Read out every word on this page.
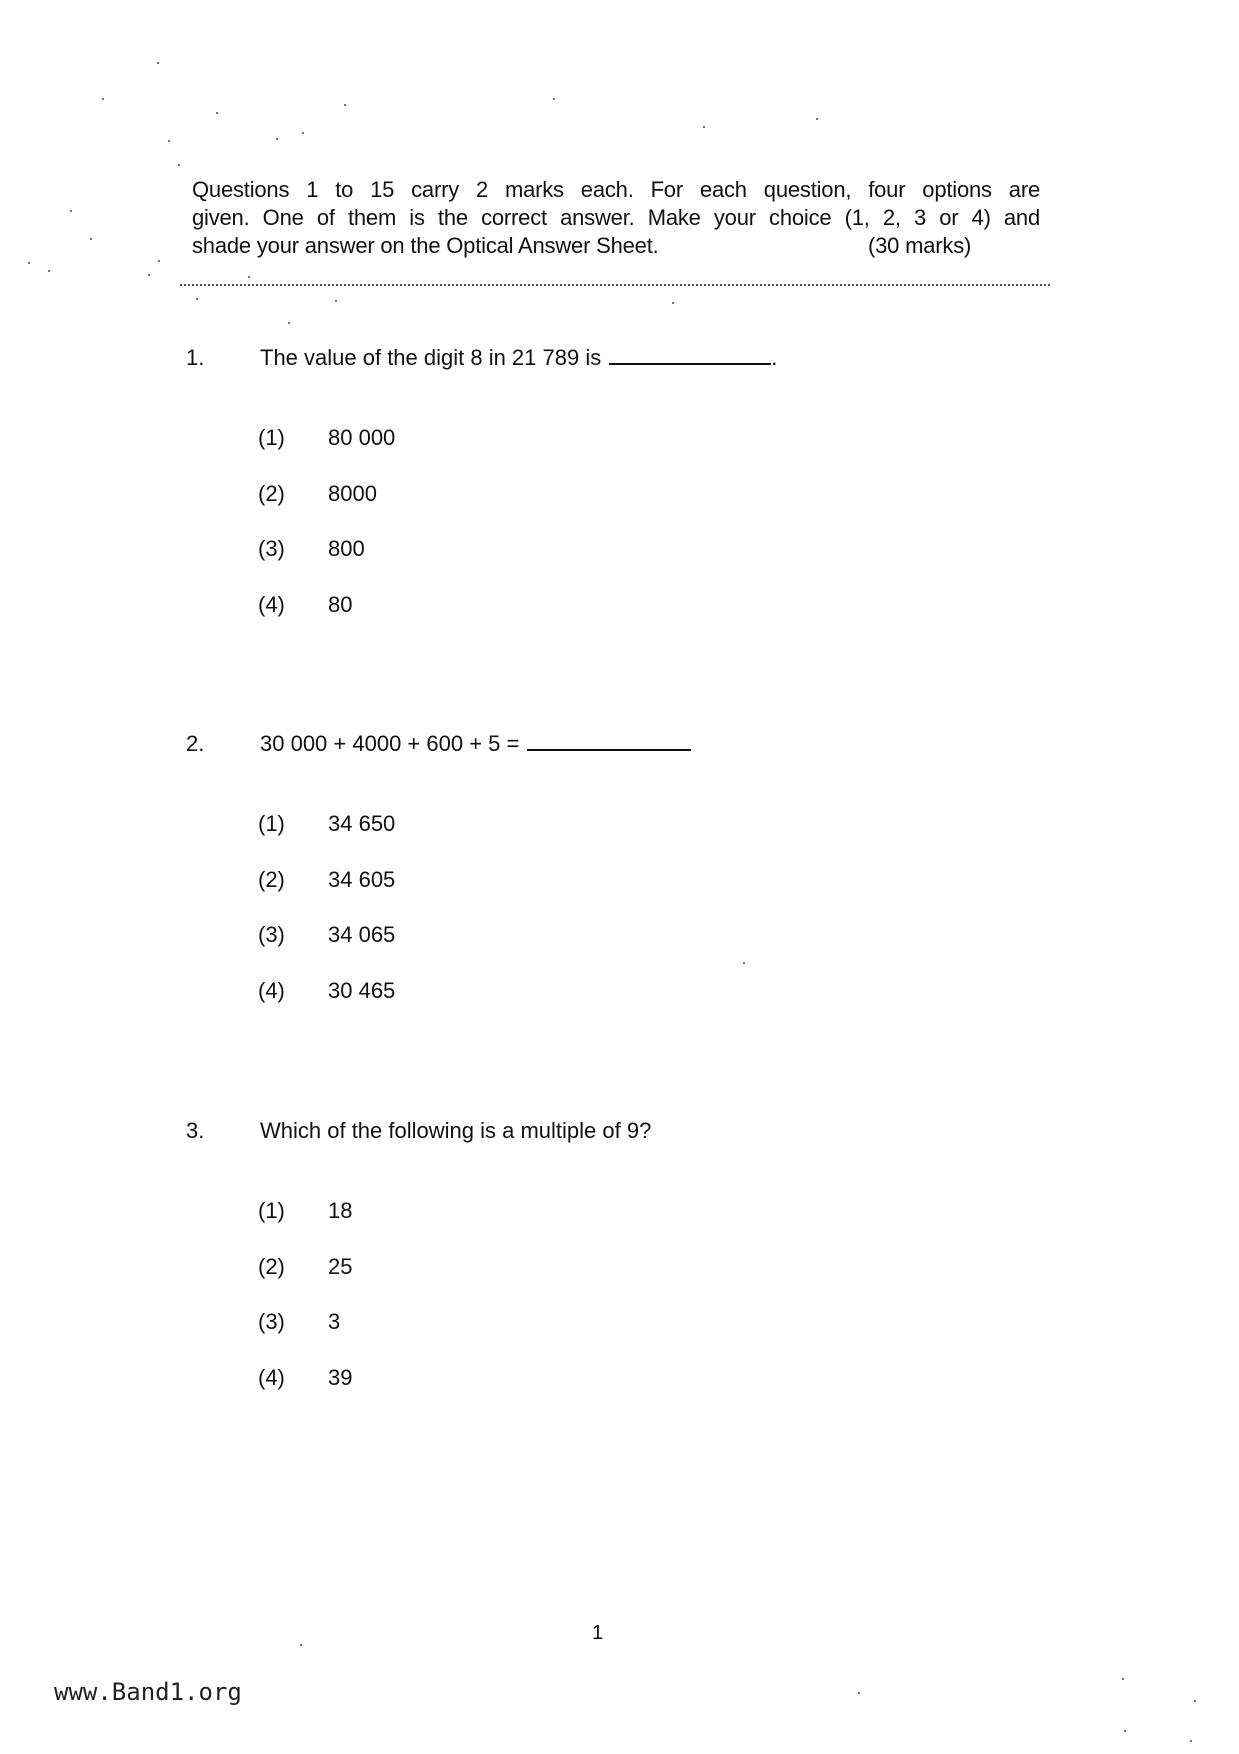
Questions 1 to 15 carry 2 marks each. For each question, four options are
given. One of them is the correct answer. Make your choice (1, 2, 3 or 4) and
shade your answer on the Optical Answer Sheet.	(30 marks)
1.	The value of the digit 8 in 21 789 is	.
(1) 80 000
(2) 8000
(3) 800
(4) 80
2.	30 000 + 4000 + 600 + 5 =
(1) 34 650
(2) 34 605
(3) 34 065
(4) 30 465
3.	Which of the following is a multiple of 9?
(1) 18
(2) 25
(3) 3
(4) 39
1
www.Band1.org
